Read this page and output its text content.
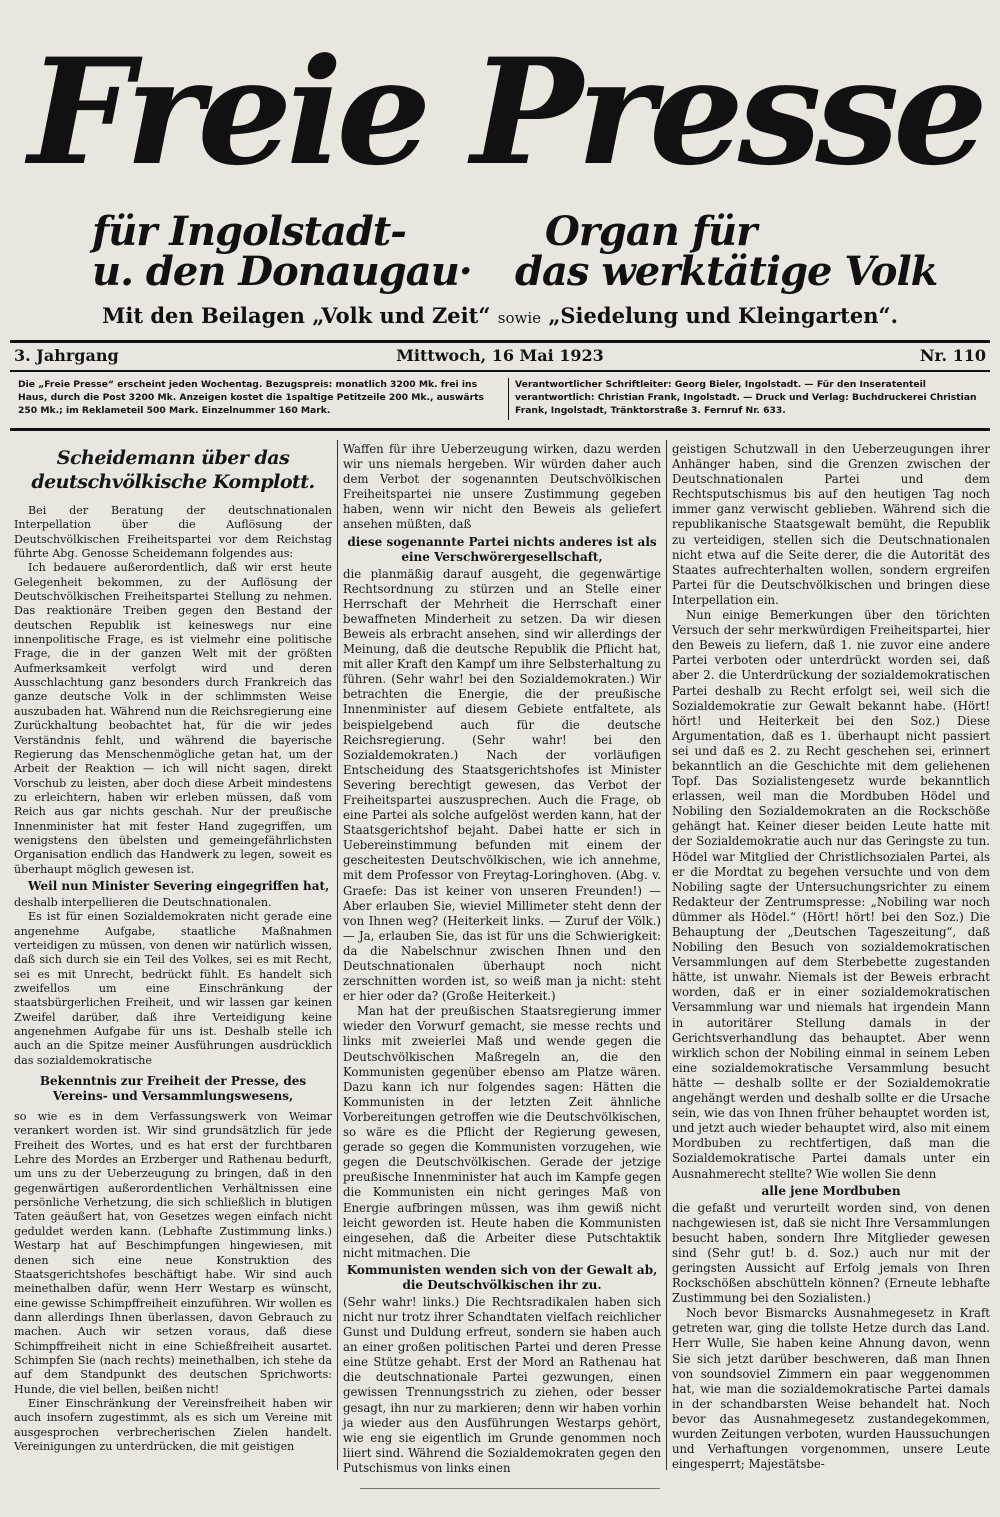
Freie Presse
für Ingolstadt-
u. den Donaugau·
Organ für
das werktätige Volk
Mit den Beilagen „Volk und Zeit“ sowie „Siedelung und Kleingarten“.
3. Jahrgang	Mittwoch, 16 Mai 1923	Nr. 110
Die „Freie Presse“ erscheint jeden Wochentag. Bezugspreis: monatlich 3200 Mk. frei ins Haus, durch die Post 3200 Mk. Anzeigen kostet die 1spaltige Petitzeile 200 Mk., auswärts 250 Mk.; im Reklameteil 500 Mark. Einzelnummer 160 Mark.
Verantwortlicher Schriftleiter: Georg Bieler, Ingolstadt. — Für den Inseratenteil verantwortlich: Christian Frank, Ingolstadt. — Druck und Verlag: Buchdruckerei Christian Frank, Ingolstadt, Tränktorstraße 3. Fernruf Nr. 633.
Scheidemann über das deutschvölkische Komplott.

Bei der Beratung der deutschnationalen Interpellation über die Auflösung der Deutschvölkischen Freiheitspartei vor dem Reichstag führte Abg. Genosse Scheidemann folgendes aus:

Ich bedauere außerordentlich, daß wir erst heute Gelegenheit bekommen, zu der Auflösung der Deutschvölkischen Freiheitspartei Stellung zu nehmen. Das reaktionäre Treiben gegen den Bestand der deutschen Republik ist keineswegs nur eine innenpolitische Frage, es ist vielmehr eine politische Frage, die in der ganzen Welt mit der größten Aufmerksamkeit verfolgt wird und deren Ausschlachtung ganz besonders durch Frankreich das ganze deutsche Volk in der schlimmsten Weise auszubaden hat. Während nun die Reichsregierung eine Zurückhaltung beobachtet hat, für die wir jedes Verständnis fehlt, und während die bayerische Regierung das Menschenmögliche getan hat, um der Arbeit der Reaktion — ich will nicht sagen, direkt Vorschub zu leisten, aber doch diese Arbeit mindestens zu erleichtern, haben wir erleben müssen, daß vom Reich aus gar nichts geschah. Nur der preußische Innenminister hat mit fester Hand zugegriffen, um wenigstens den übelsten und gemeingefährlichsten Organisation endlich das Handwerk zu legen, soweit es überhaupt möglich gewesen ist.

Weil nun Minister Severing eingegriffen hat,

deshalb interpellieren die Deutschnationalen.

Es ist für einen Sozialdemokraten nicht gerade eine angenehme Aufgabe, staatliche Maßnahmen verteidigen zu müssen, von denen wir natürlich wissen, daß sich durch sie ein Teil des Volkes, sei es mit Recht, sei es mit Unrecht, bedrückt fühlt. Es handelt sich zweifellos um eine Einschränkung der staatsbürgerlichen Freiheit, und wir lassen gar keinen Zweifel darüber, daß ihre Verteidigung keine angenehmen Aufgabe für uns ist. Deshalb stelle ich auch an die Spitze meiner Ausführungen ausdrücklich das sozialdemokratische

Bekenntnis zur Freiheit der Presse, des Vereins- und Versammlungswesens,

so wie es in dem Verfassungswerk von Weimar verankert worden ist. Wir sind grundsätzlich für jede Freiheit des Wortes, und es hat erst der furchtbaren Lehre des Mordes an Erzberger und Rathenau bedurft, um uns zu der Ueberzeugung zu bringen, daß in den gegenwärtigen außerordentlichen Verhältnissen eine persönliche Verhetzung, die sich schließlich in blutigen Taten geäußert hat, von Gesetzes wegen einfach nicht geduldet werden kann. (Lebhafte Zustimmung links.) Westarp hat auf Beschimpfungen hingewiesen, mit denen sich eine neue Konstruktion des Staatsgerichtshofes beschäftigt habe. Wir sind auch meinethalben dafür, wenn Herr Westarp es wünscht, eine gewisse Schimpffreiheit einzuführen. Wir wollen es dann allerdings Ihnen überlassen, davon Gebrauch zu machen. Auch wir setzen voraus, daß diese Schimpffreiheit nicht in eine Schießfreiheit ausartet. Schimpfen Sie (nach rechts) meinethalben, ich stehe da auf dem Standpunkt des deutschen Sprichworts: Hunde, die viel bellen, beißen nicht!

Einer Einschränkung der Vereinsfreiheit haben wir auch insofern zugestimmt, als es sich um Vereine mit ausgesprochen verbrecherischen Zielen handelt. Vereinigungen zu unterdrücken, die mit geistigen

Waffen für ihre Ueberzeugung wirken, dazu werden wir uns niemals hergeben. Wir würden daher auch dem Verbot der sogenannten Deutschvölkischen Freiheitspartei nie unsere Zustimmung gegeben haben, wenn wir nicht den Beweis als geliefert ansehen müßten, daß

diese sogenannte Partei nichts anderes ist als eine Verschwörergesellschaft,

die planmäßig darauf ausgeht, die gegenwärtige Rechtsordnung zu stürzen und an Stelle einer Herrschaft der Mehrheit die Herrschaft einer bewaffneten Minderheit zu setzen. Da wir diesen Beweis als erbracht ansehen, sind wir allerdings der Meinung, daß die deutsche Republik die Pflicht hat, mit aller Kraft den Kampf um ihre Selbsterhaltung zu führen. (Sehr wahr! bei den Sozialdemokraten.) Wir betrachten die Energie, die der preußische Innenminister auf diesem Gebiete entfaltete, als beispielgebend auch für die deutsche Reichsregierung. (Sehr wahr! bei den Sozialdemokraten.) Nach der vorläufigen Entscheidung des Staatsgerichtshofes ist Minister Severing berechtigt gewesen, das Verbot der Freiheitspartei auszusprechen. Auch die Frage, ob eine Partei als solche aufgelöst werden kann, hat der Staatsgerichtshof bejaht. Dabei hatte er sich in Uebereinstimmung befunden mit einem der gescheitesten Deutschvölkischen, wie ich annehme, mit dem Professor von Freytag-Loringhoven. (Abg. v. Graefe: Das ist keiner von unseren Freunden!) — Aber erlauben Sie, wieviel Millimeter steht denn der von Ihnen weg? (Heiterkeit links. — Zuruf der Völk.) — Ja, erlauben Sie, das ist für uns die Schwierigkeit: da die Nabelschnur zwischen Ihnen und den Deutschnationalen überhaupt noch nicht zerschnitten worden ist, so weiß man ja nicht: steht er hier oder da? (Große Heiterkeit.)

Man hat der preußischen Staatsregierung immer wieder den Vorwurf gemacht, sie messe rechts und links mit zweierlei Maß und wende gegen die Deutschvölkischen Maßregeln an, die den Kommunisten gegenüber ebenso am Platze wären. Dazu kann ich nur folgendes sagen: Hätten die Kommunisten in der letzten Zeit ähnliche Vorbereitungen getroffen wie die Deutschvölkischen, so wäre es die Pflicht der Regierung gewesen, gerade so gegen die Kommunisten vorzugehen, wie gegen die Deutschvölkischen. Gerade der jetzige preußische Innenminister hat auch im Kampfe gegen die Kommunisten ein nicht geringes Maß von Energie aufbringen müssen, was ihm gewiß nicht leicht geworden ist. Heute haben die Kommunisten eingesehen, daß die Arbeiter diese Putschtaktik nicht mitmachen. Die

Kommunisten wenden sich von der Gewalt ab, die Deutschvölkischen ihr zu.

(Sehr wahr! links.) Die Rechtsradikalen haben sich nicht nur trotz ihrer Schandtaten vielfach reichlicher Gunst und Duldung erfreut, sondern sie haben auch an einer großen politischen Partei und deren Presse eine Stütze gehabt. Erst der Mord an Rathenau hat die deutschnationale Partei gezwungen, einen gewissen Trennungsstrich zu ziehen, oder besser gesagt, ihn nur zu markieren; denn wir haben vorhin ja wieder aus den Ausführungen Westarps gehört, wie eng sie eigentlich im Grunde genommen noch liiert sind. Während die Sozialdemokraten gegen den Putschismus von links einen

geistigen Schutzwall in den Ueberzeugungen ihrer Anhänger haben, sind die Grenzen zwischen der Deutschnationalen Partei und dem Rechtsputschismus bis auf den heutigen Tag noch immer ganz verwischt geblieben. Während sich die republikanische Staatsgewalt bemüht, die Republik zu verteidigen, stellen sich die Deutschnationalen nicht etwa auf die Seite derer, die die Autorität des Staates aufrechterhalten wollen, sondern ergreifen Partei für die Deutschvölkischen und bringen diese Interpellation ein.

Nun einige Bemerkungen über den törichten Versuch der sehr merkwürdigen Freiheitspartei, hier den Beweis zu liefern, daß 1. nie zuvor eine andere Partei verboten oder unterdrückt worden sei, daß aber 2. die Unterdrückung der sozialdemokratischen Partei deshalb zu Recht erfolgt sei, weil sich die Sozialdemokratie zur Gewalt bekannt habe. (Hört! hört! und Heiterkeit bei den Soz.) Diese Argumentation, daß es 1. überhaupt nicht passiert sei und daß es 2. zu Recht geschehen sei, erinnert bekanntlich an die Geschichte mit dem geliehenen Topf. Das Sozialistengesetz wurde bekanntlich erlassen, weil man die Mordbuben Hödel und Nobiling den Sozialdemokraten an die Rockschöße gehängt hat. Keiner dieser beiden Leute hatte mit der Sozialdemokratie auch nur das Geringste zu tun. Hödel war Mitglied der Christlichsozialen Partei, als er die Mordtat zu begehen versuchte und von dem Nobiling sagte der Untersuchungsrichter zu einem Redakteur der Zentrumspresse: „Nobiling war noch dümmer als Hödel.“ (Hört! hört! bei den Soz.) Die Behauptung der „Deutschen Tageszeitung“, daß Nobiling den Besuch von sozialdemokratischen Versammlungen auf dem Sterbebette zugestanden hätte, ist unwahr. Niemals ist der Beweis erbracht worden, daß er in einer sozialdemokratischen Versammlung war und niemals hat irgendein Mann in autoritärer Stellung damals in der Gerichtsverhandlung das behauptet. Aber wenn wirklich schon der Nobiling einmal in seinem Leben eine sozialdemokratische Versammlung besucht hätte — deshalb sollte er der Sozialdemokratie angehängt werden und deshalb sollte er die Ursache sein, wie das von Ihnen früher behauptet worden ist, und jetzt auch wieder behauptet wird, also mit einem Mordbuben zu rechtfertigen, daß man die Sozialdemokratische Partei damals unter ein Ausnahmerecht stellte? Wie wollen Sie denn

alle jene Mordbuben

die gefaßt und verurteilt worden sind, von denen nachgewiesen ist, daß sie nicht Ihre Versammlungen besucht haben, sondern Ihre Mitglieder gewesen sind (Sehr gut! b. d. Soz.) auch nur mit der geringsten Aussicht auf Erfolg jemals von Ihren Rockschößen abschütteln können? (Erneute lebhafte Zustimmung bei den Sozialisten.)

Noch bevor Bismarcks Ausnahmegesetz in Kraft getreten war, ging die tollste Hetze durch das Land. Herr Wulle, Sie haben keine Ahnung davon, wenn Sie sich jetzt darüber beschweren, daß man Ihnen von soundsoviel Zimmern ein paar weggenommen hat, wie man die sozialdemokratische Partei damals in der schandbarsten Weise behandelt hat. Noch bevor das Ausnahmegesetz zustandegekommen, wurden Zeitungen verboten, wurden Haussuchungen und Verhaftungen vorgenommen, unsere Leute eingesperrt; Majestätsbe-
